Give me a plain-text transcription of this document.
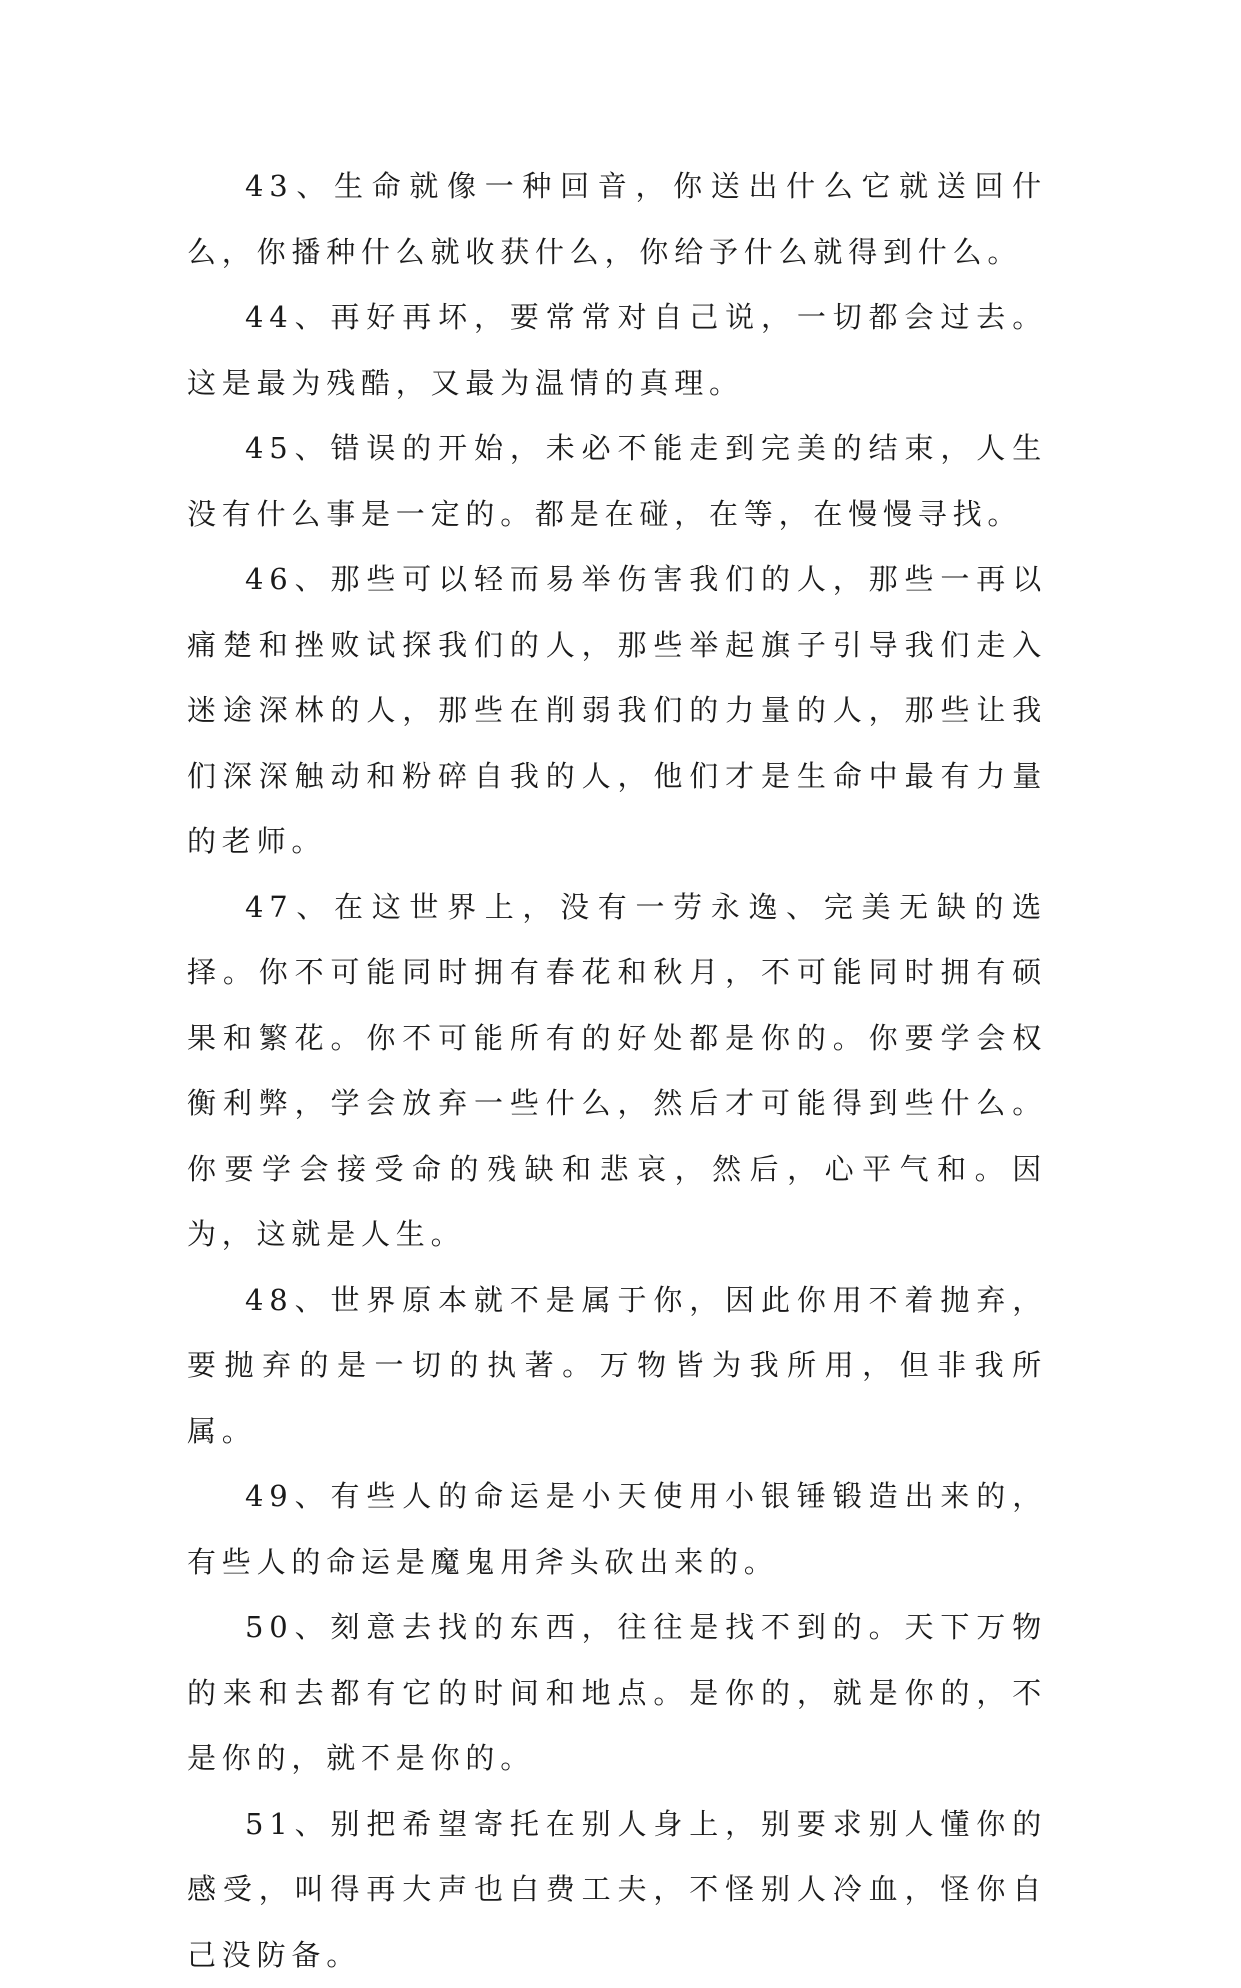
43、生命就像一种回音，你送出什么它就送回什么，你播种什么就收获什么，你给予什么就得到什么。

44、再好再坏，要常常对自己说，一切都会过去。这是最为残酷，又最为温情的真理。

45、错误的开始，未必不能走到完美的结束，人生没有什么事是一定的。都是在碰，在等，在慢慢寻找。

46、那些可以轻而易举伤害我们的人，那些一再以痛楚和挫败试探我们的人，那些举起旗子引导我们走入迷途深林的人，那些在削弱我们的力量的人，那些让我们深深触动和粉碎自我的人，他们才是生命中最有力量的老师。

47、在这世界上，没有一劳永逸、完美无缺的选择。你不可能同时拥有春花和秋月，不可能同时拥有硕果和繁花。你不可能所有的好处都是你的。你要学会权衡利弊，学会放弃一些什么，然后才可能得到些什么。你要学会接受命的残缺和悲哀，然后，心平气和。因为，这就是人生。

48、世界原本就不是属于你，因此你用不着抛弃，要抛弃的是一切的执著。万物皆为我所用，但非我所属。

49、有些人的命运是小天使用小银锤锻造出来的，有些人的命运是魔鬼用斧头砍出来的。

50、刻意去找的东西，往往是找不到的。天下万物的来和去都有它的时间和地点。是你的，就是你的，不是你的，就不是你的。

51、别把希望寄托在别人身上，别要求别人懂你的感受，叫得再大声也白费工夫，不怪别人冷血，怪你自己没防备。
